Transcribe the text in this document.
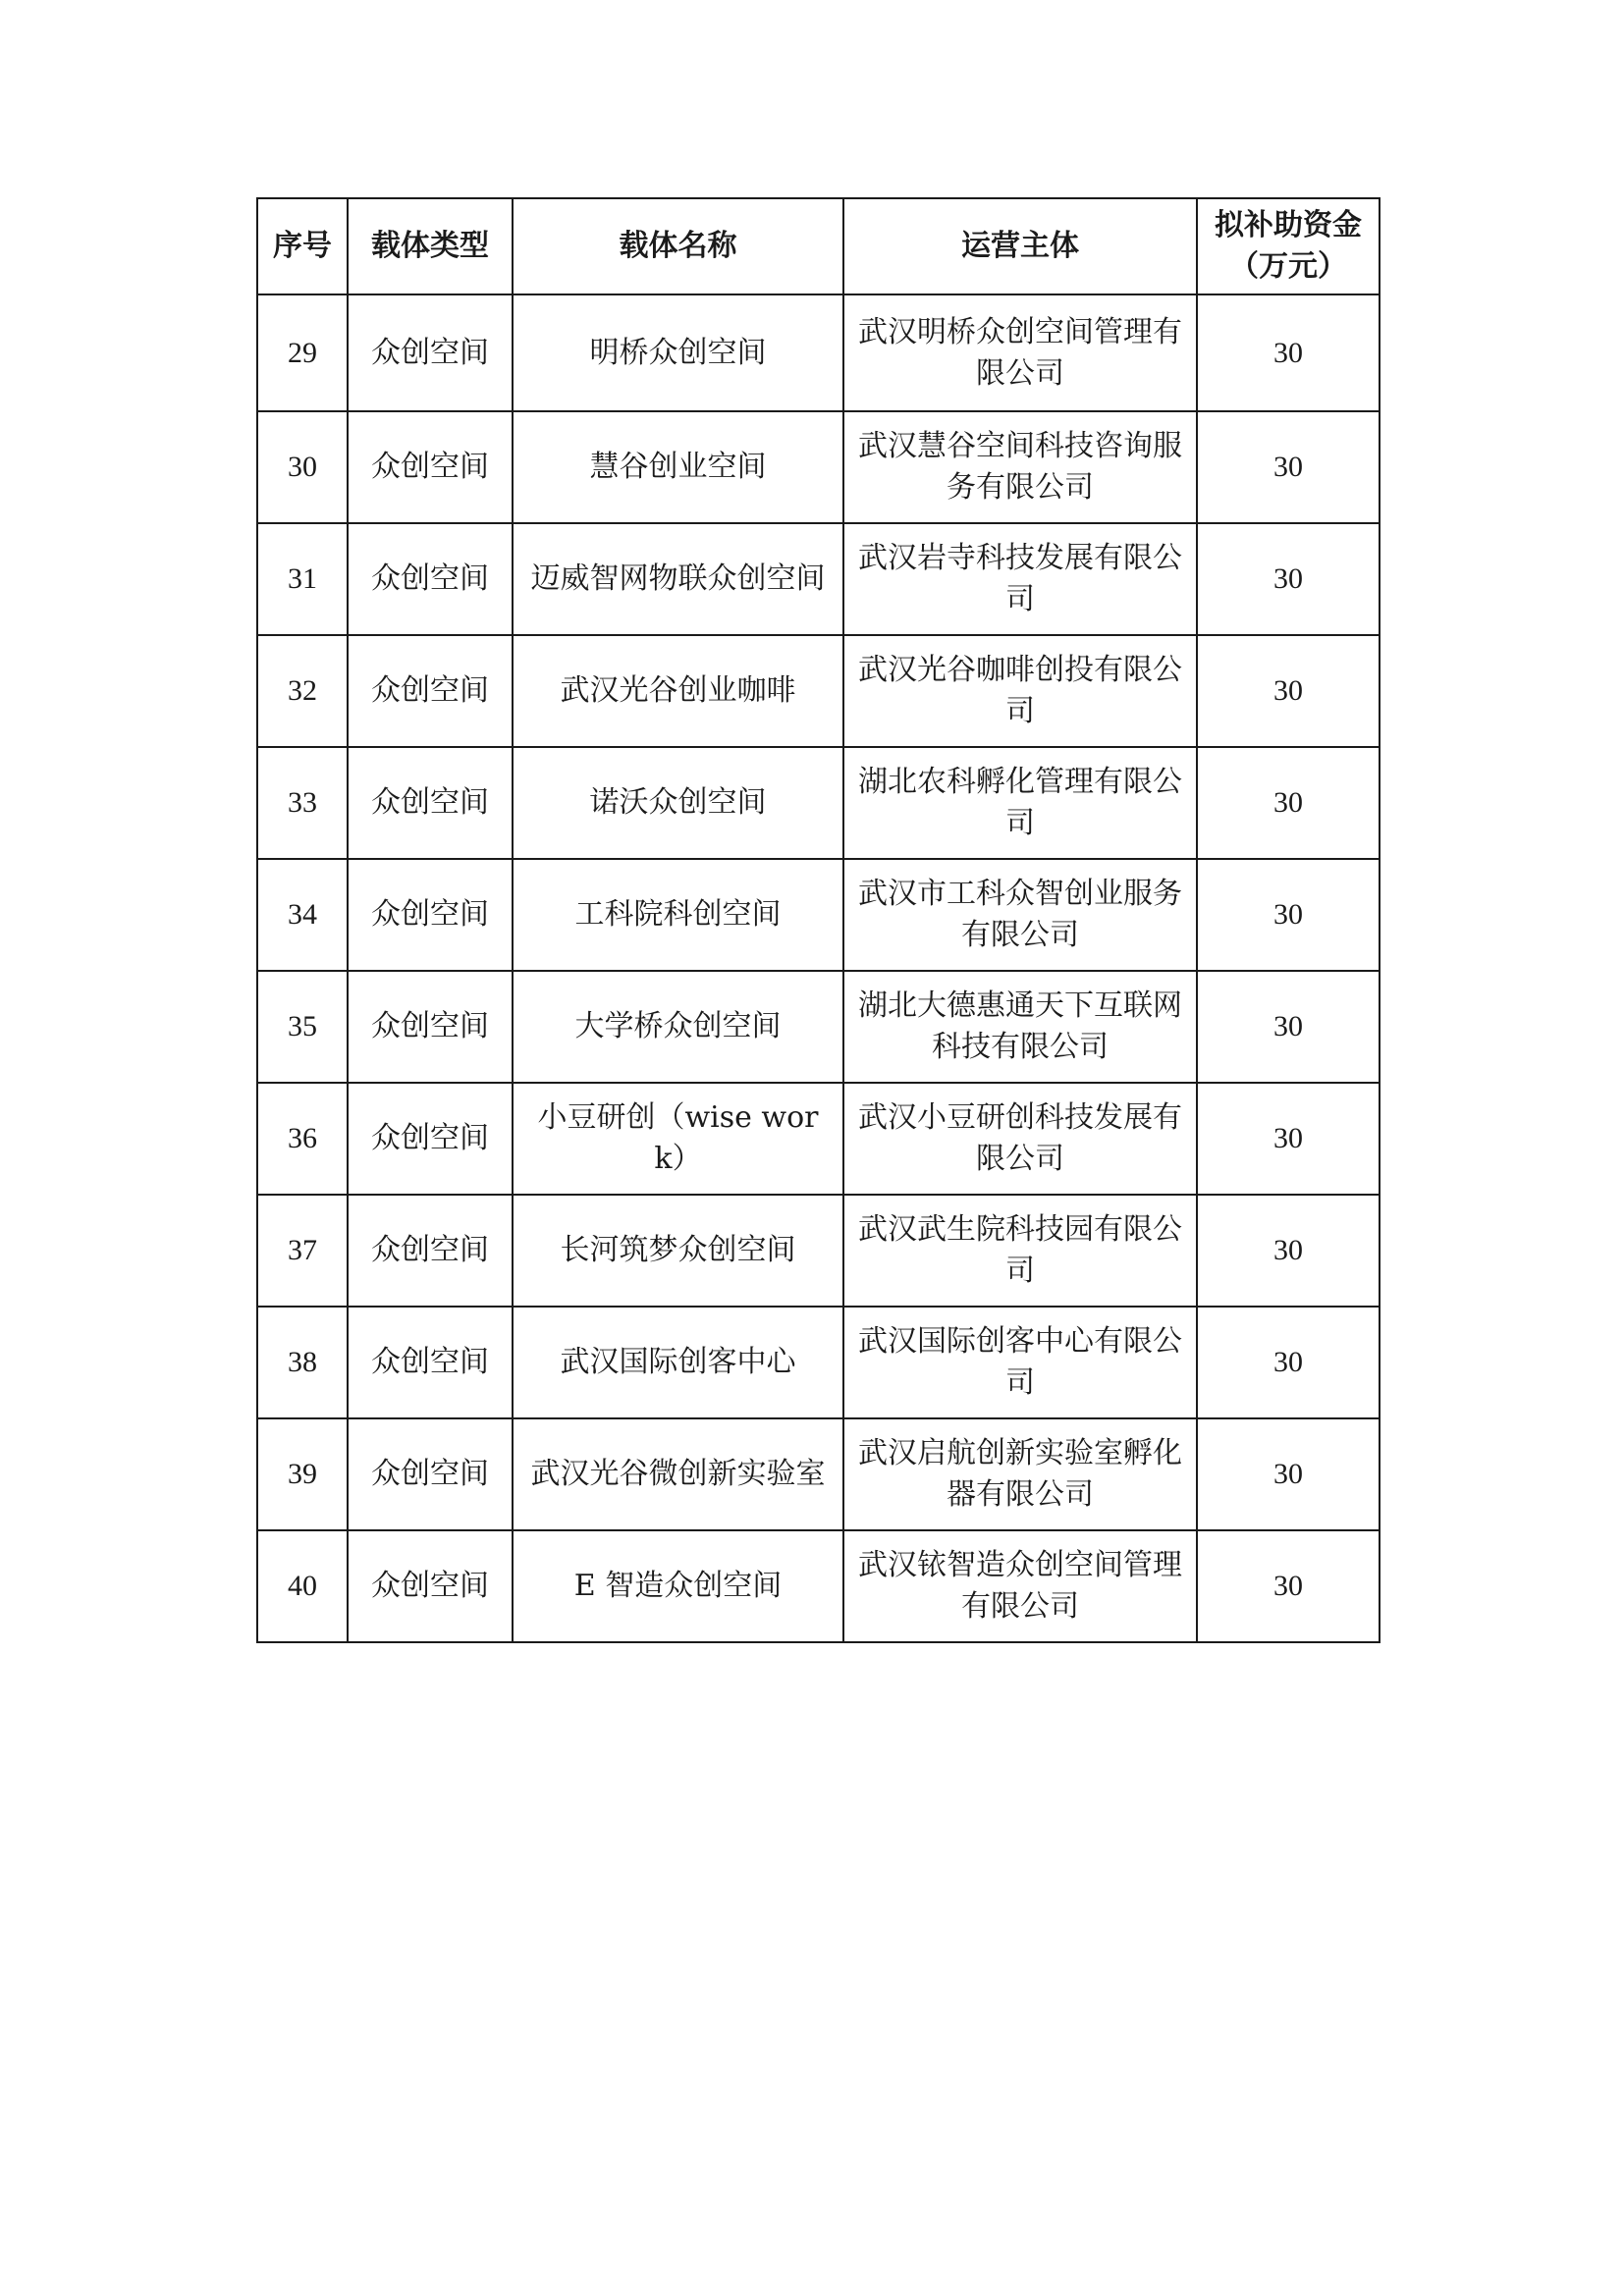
序号	载体类型	载体名称	运营主体	拟补助资金（万元）
29	众创空间	明桥众创空间	武汉明桥众创空间管理有限公司	30
30	众创空间	慧谷创业空间	武汉慧谷空间科技咨询服务有限公司	30
31	众创空间	迈威智网物联众创空间	武汉岩寺科技发展有限公司	30
32	众创空间	武汉光谷创业咖啡	武汉光谷咖啡创投有限公司	30
33	众创空间	诺沃众创空间	湖北农科孵化管理有限公司	30
34	众创空间	工科院科创空间	武汉市工科众智创业服务有限公司	30
35	众创空间	大学桥众创空间	湖北大德惠通天下互联网科技有限公司	30
36	众创空间	小豆研创（wise work）	武汉小豆研创科技发展有限公司	30
37	众创空间	长河筑梦众创空间	武汉武生院科技园有限公司	30
38	众创空间	武汉国际创客中心	武汉国际创客中心有限公司	30
39	众创空间	武汉光谷微创新实验室	武汉启航创新实验室孵化器有限公司	30
40	众创空间	E 智造众创空间	武汉铱智造众创空间管理有限公司	30
